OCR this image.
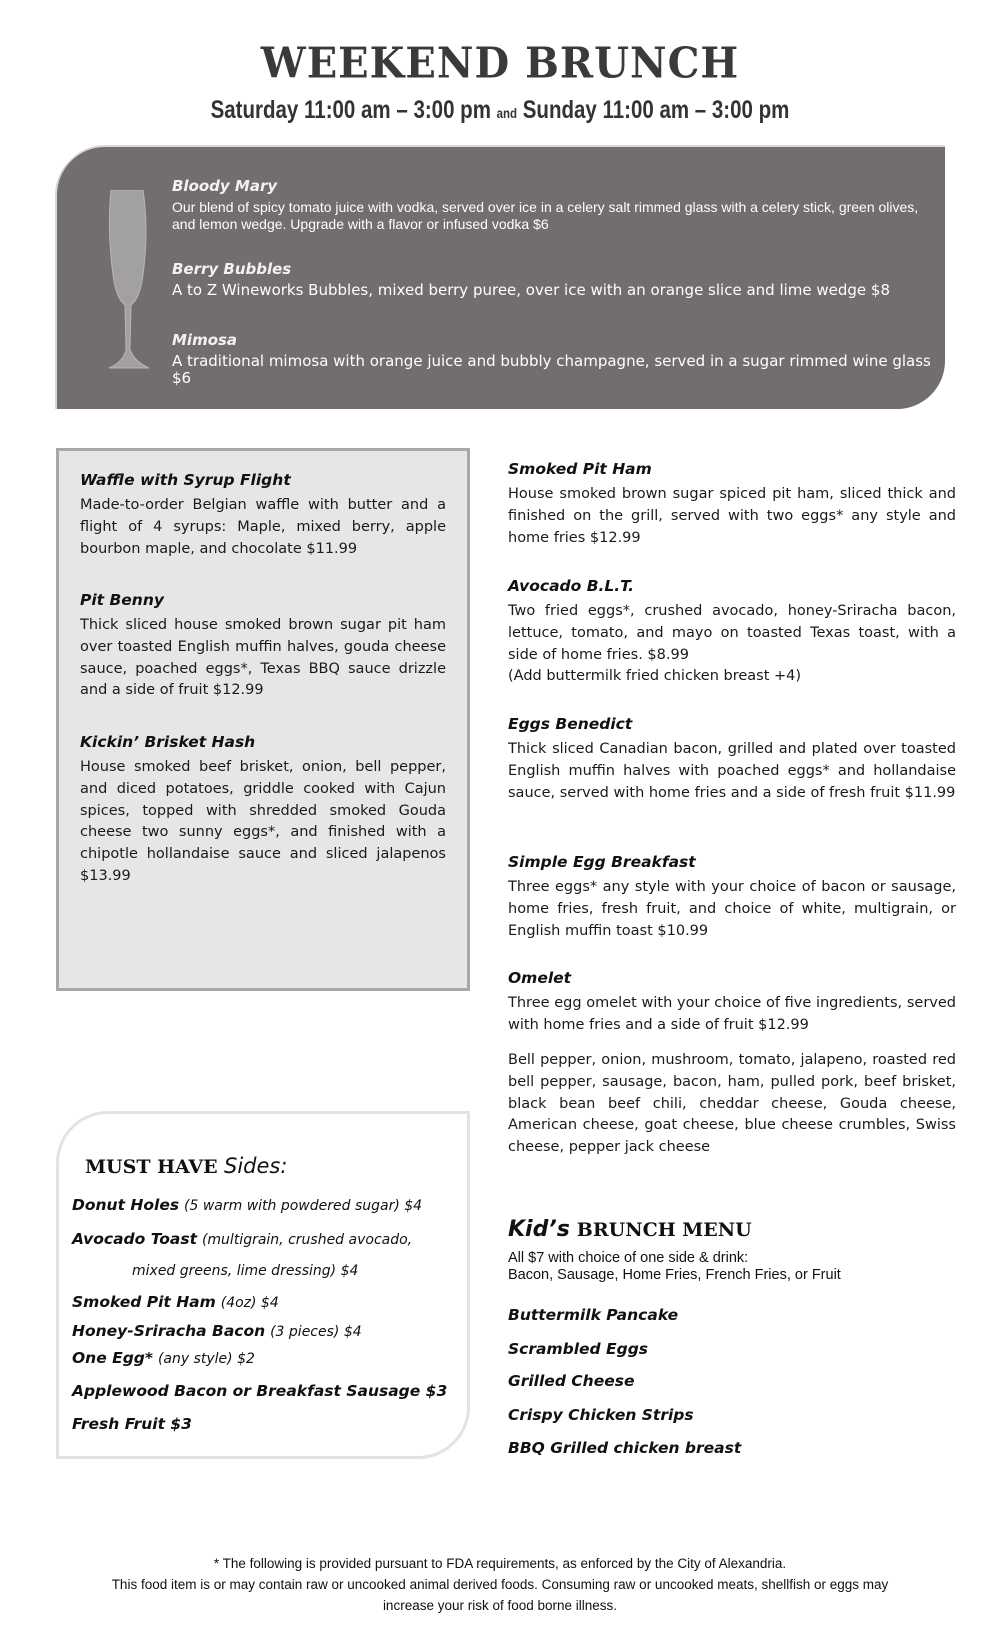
WEEKEND BRUNCH
Saturday 11:00 am – 3:00 pm and Sunday 11:00 am – 3:00 pm
Bloody Mary
Our blend of spicy tomato juice with vodka, served over ice in a celery salt rimmed glass with a celery stick, green olives, and lemon wedge. Upgrade with a flavor or infused vodka $6
Berry Bubbles
A to Z Wineworks Bubbles, mixed berry puree, over ice with an orange slice and lime wedge $8
Mimosa
A traditional mimosa with orange juice and bubbly champagne, served in a sugar rimmed wine glass $6
Waffle with Syrup Flight
Made-to-order Belgian waffle with butter and a flight of 4 syrups: Maple, mixed berry, apple bourbon maple, and chocolate $11.99
Pit Benny
Thick sliced house smoked brown sugar pit ham over toasted English muffin halves, gouda cheese sauce, poached eggs*, Texas BBQ sauce drizzle and a side of fruit $12.99
Kickin’ Brisket Hash
House smoked beef brisket, onion, bell pepper, and diced potatoes, griddle cooked with Cajun spices, topped with shredded smoked Gouda cheese two sunny eggs*, and finished with a chipotle hollandaise sauce and sliced jalapenos $13.99
Smoked Pit Ham
House smoked brown sugar spiced pit ham, sliced thick and finished on the grill, served with two eggs* any style and home fries $12.99
Avocado B.L.T.
Two fried eggs*, crushed avocado, honey-Sriracha bacon, lettuce, tomato, and mayo on toasted Texas toast, with a side of home fries. $8.99
(Add buttermilk fried chicken breast +4)
Eggs Benedict
Thick sliced Canadian bacon, grilled and plated over toasted English muffin halves with poached eggs* and hollandaise sauce, served with home fries and a side of fresh fruit $11.99
Simple Egg Breakfast
Three eggs* any style with your choice of bacon or sausage, home fries, fresh fruit, and choice of white, multigrain, or English muffin toast $10.99
Omelet
Three egg omelet with your choice of five ingredients, served with home fries and a side of fruit $12.99
Bell pepper, onion, mushroom, tomato, jalapeno, roasted red bell pepper, sausage, bacon, ham, pulled pork, beef brisket, black bean beef chili, cheddar cheese, Gouda cheese, American cheese, goat cheese, blue cheese crumbles, Swiss cheese, pepper jack cheese
MUST HAVE Sides:
Donut Holes (5 warm with powdered sugar) $4
Avocado Toast (multigrain, crushed avocado,
mixed greens, lime dressing) $4
Smoked Pit Ham (4oz) $4
Honey-Sriracha Bacon (3 pieces) $4
One Egg* (any style) $2
Applewood Bacon or Breakfast Sausage $3
Fresh Fruit $3
Kid’s BRUNCH MENU
All $7 with choice of one side & drink:
Bacon, Sausage, Home Fries, French Fries, or Fruit
Buttermilk Pancake
Scrambled Eggs
Grilled Cheese
Crispy Chicken Strips
BBQ Grilled chicken breast
* The following is provided pursuant to FDA requirements, as enforced by the City of Alexandria.
This food item is or may contain raw or uncooked animal derived foods. Consuming raw or uncooked meats, shellfish or eggs may
increase your risk of food borne illness.
